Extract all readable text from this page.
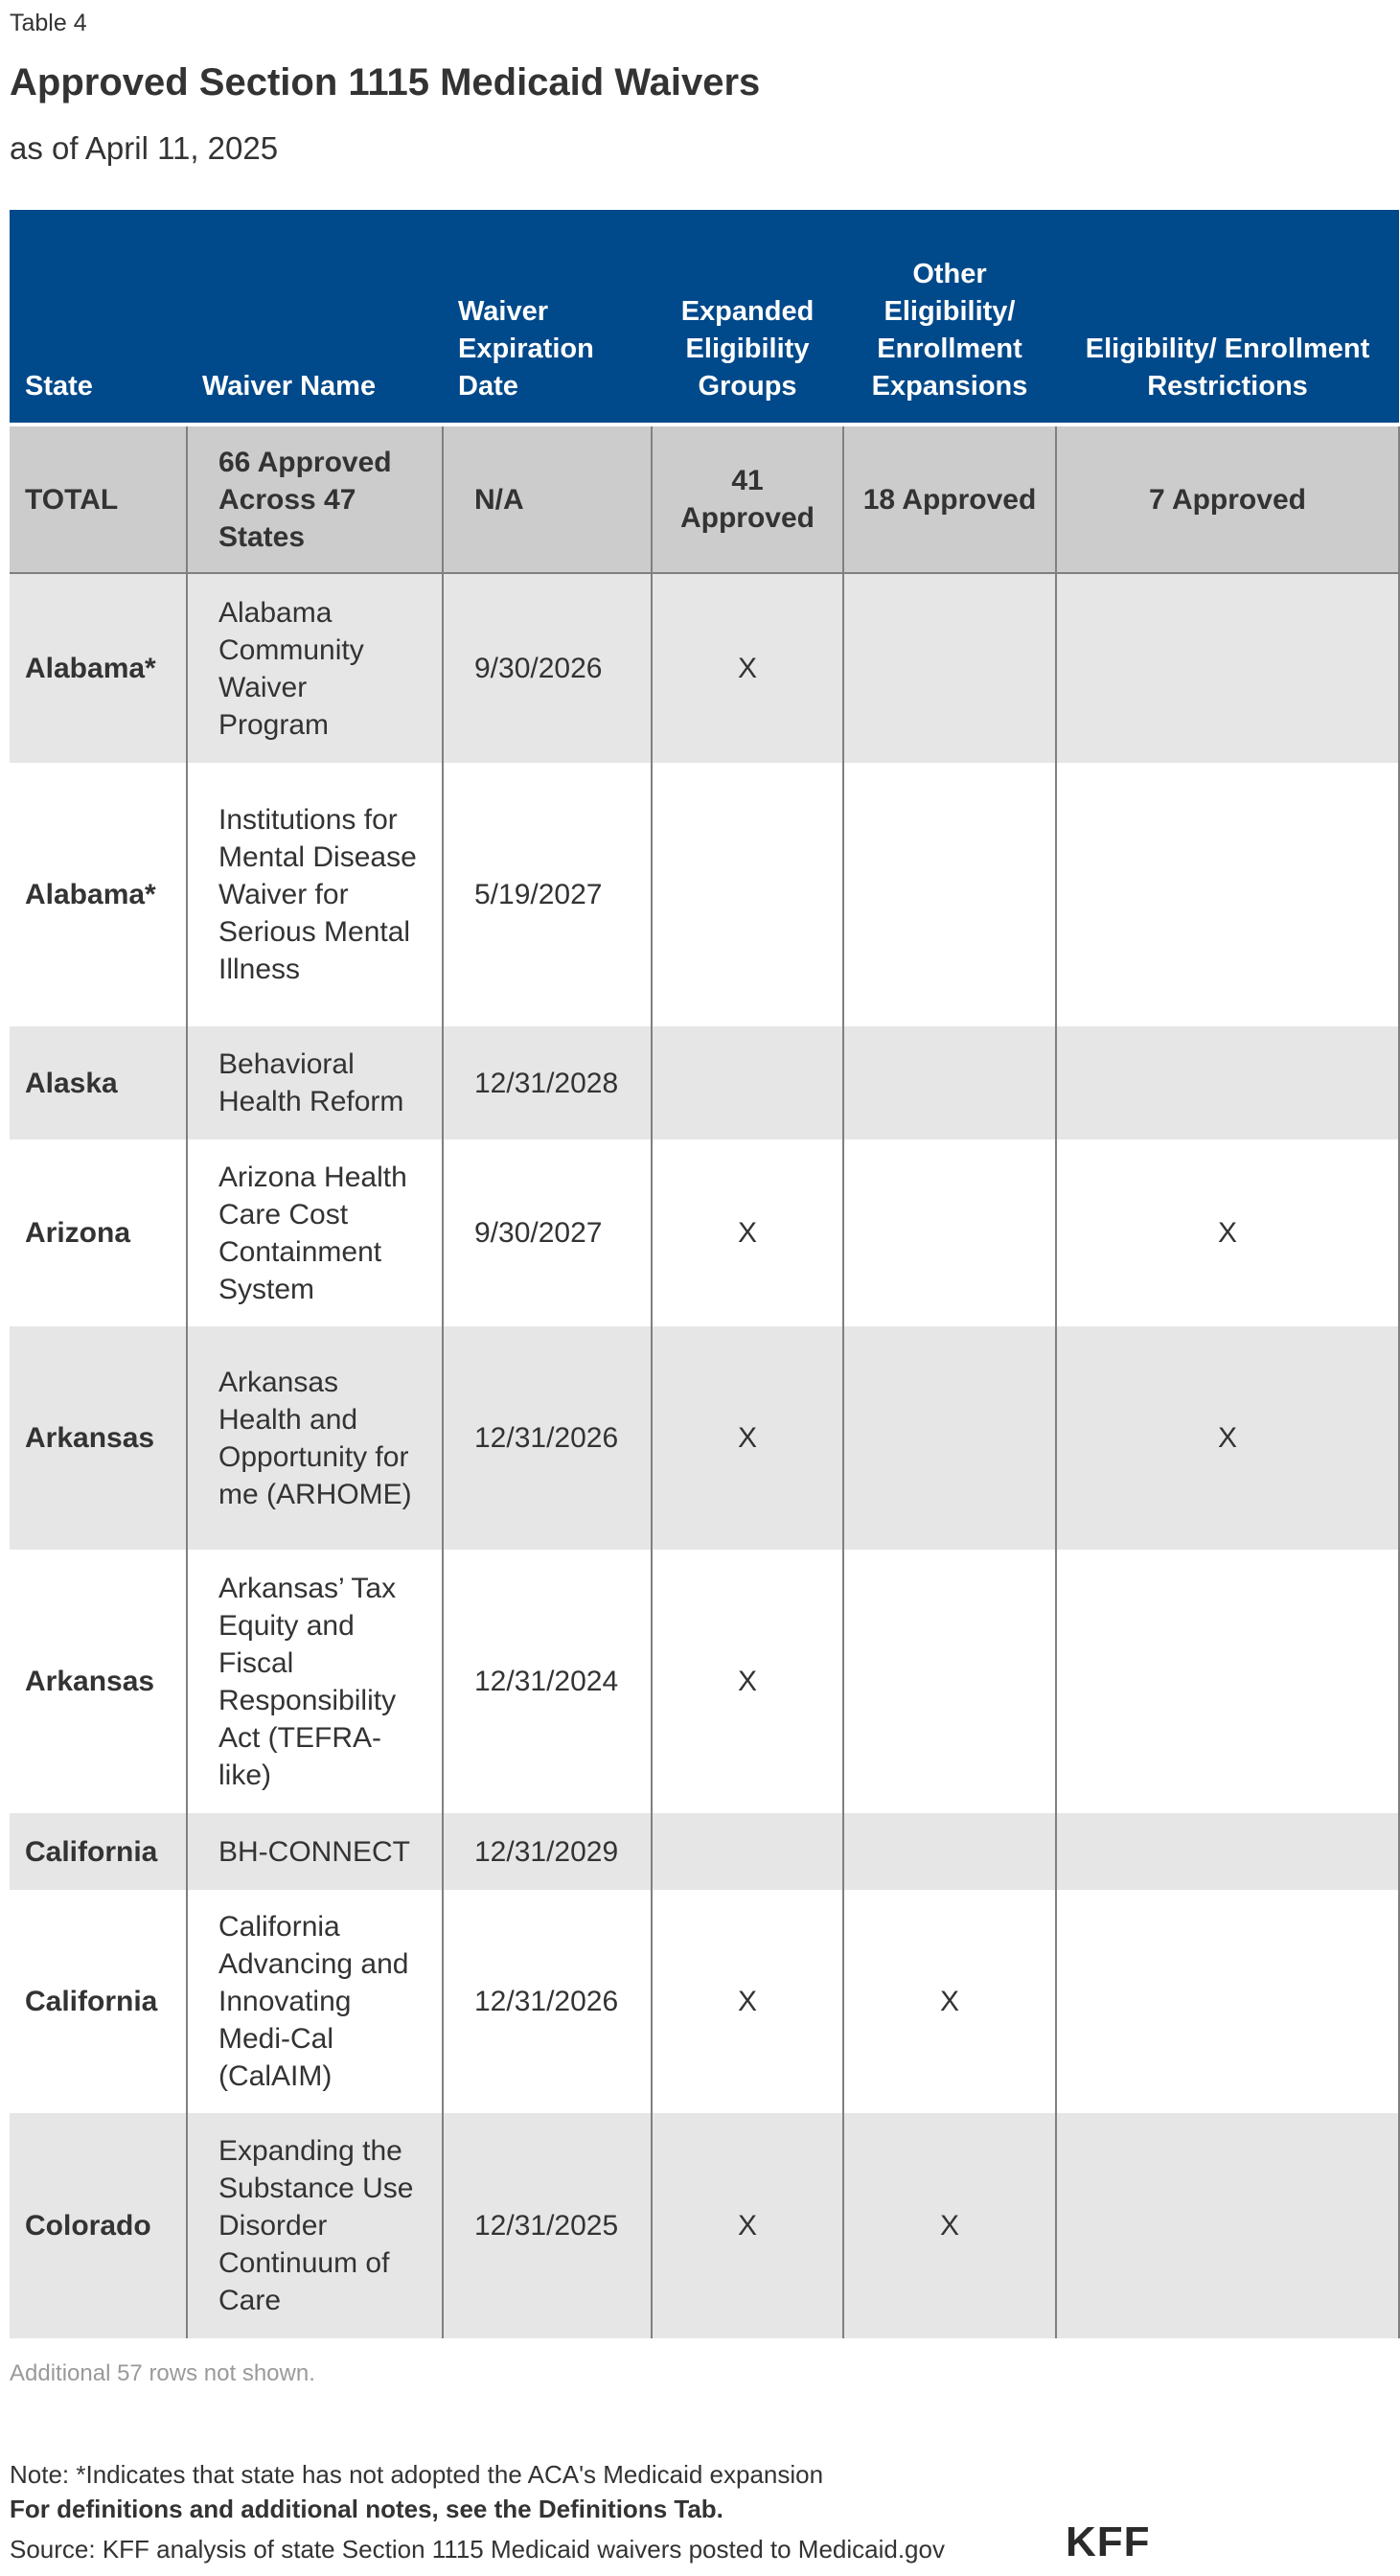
Table 4
Approved Section 1115 Medicaid Waivers
as of April 11, 2025
State	Waiver Name	Waiver Expiration Date	Expanded Eligibility Groups	Other Eligibility/ Enrollment Expansions	Eligibility/ Enrollment Restrictions
TOTAL	66 Approved Across 47 States	N/A	41 Approved	18 Approved	7 Approved
Alabama*	Alabama Community Waiver Program	9/30/2026	X		
Alabama*	Institutions for Mental Disease Waiver for Serious Mental Illness	5/19/2027			
Alaska	Behavioral Health Reform	12/31/2028			
Arizona	Arizona Health Care Cost Containment System	9/30/2027	X		X
Arkansas	Arkansas Health and Opportunity for me (ARHOME)	12/31/2026	X		X
Arkansas	Arkansas’ Tax Equity and Fiscal Responsibility Act (TEFRA-like)	12/31/2024	X		
California	BH-CONNECT	12/31/2029			
California	California Advancing and Innovating Medi-Cal (CalAIM)	12/31/2026	X	X	
Colorado	Expanding the Substance Use Disorder Continuum of Care	12/31/2025	X	X	
Additional 57 rows not shown.
Note: *Indicates that state has not adopted the ACA's Medicaid expansion
For definitions and additional notes, see the Definitions Tab.
Source: KFF analysis of state Section 1115 Medicaid waivers posted to Medicaid.gov	KFF
